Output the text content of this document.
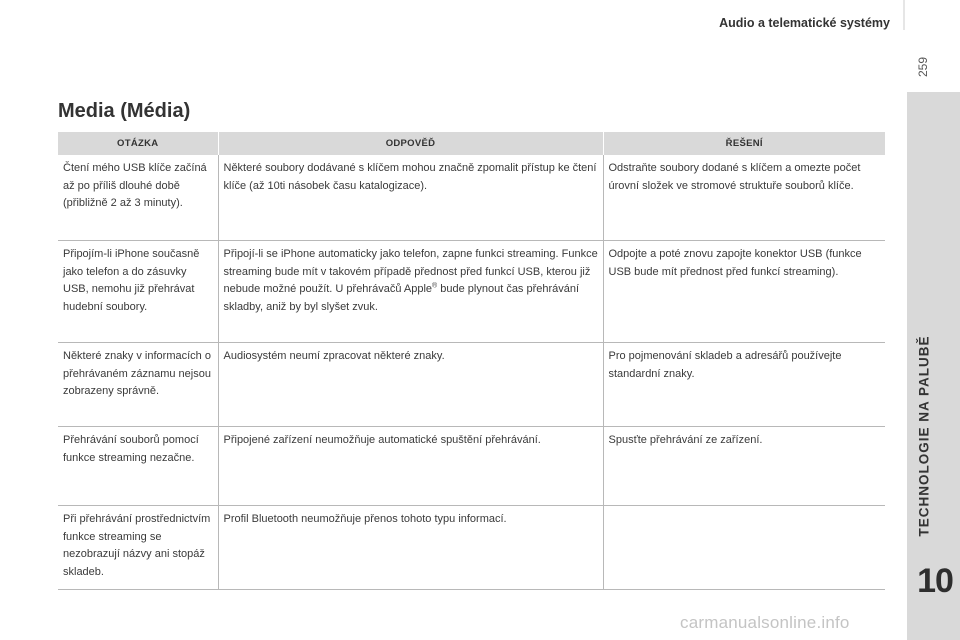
Audio a telematické systémy
259
TECHNOLOGIE NA PALUBĚ
10
Media (Média)
OTÁZKA	ODPOVĚĎ	ŘEŠENÍ
Čtení mého USB klíče začíná až po příliš dlouhé době (přibližně 2 až 3 minuty).	Některé soubory dodávané s klíčem mohou značně zpomalit přístup ke čtení klíče (až 10ti násobek času katalogizace).	Odstraňte soubory dodané s klíčem a omezte počet úrovní složek ve stromové struktuře souborů klíče.
Připojím-li iPhone současně jako telefon a do zásuvky USB, nemohu již přehrávat hudební soubory.	Připojí-li se iPhone automaticky jako telefon, zapne funkci streaming. Funkce streaming bude mít v takovém případě přednost před funkcí USB, kterou již nebude možné použít. U přehrávačů Apple® bude plynout čas přehrávání skladby, aniž by byl slyšet zvuk.	Odpojte a poté znovu zapojte konektor USB (funkce USB bude mít přednost před funkcí streaming).
Některé znaky v informacích o přehrávaném záznamu nejsou zobrazeny správně.	Audiosystém neumí zpracovat některé znaky.	Pro pojmenování skladeb a adresářů používejte standardní znaky.
Přehrávání souborů pomocí funkce streaming nezačne.	Připojené zařízení neumožňuje automatické spuštění přehrávání.	Spusťte přehrávání ze zařízení.
Při přehrávání prostřednictvím funkce streaming se nezobrazují názvy ani stopáž skladeb.	Profil Bluetooth neumožňuje přenos tohoto typu informací.	
carmanualsonline.info
